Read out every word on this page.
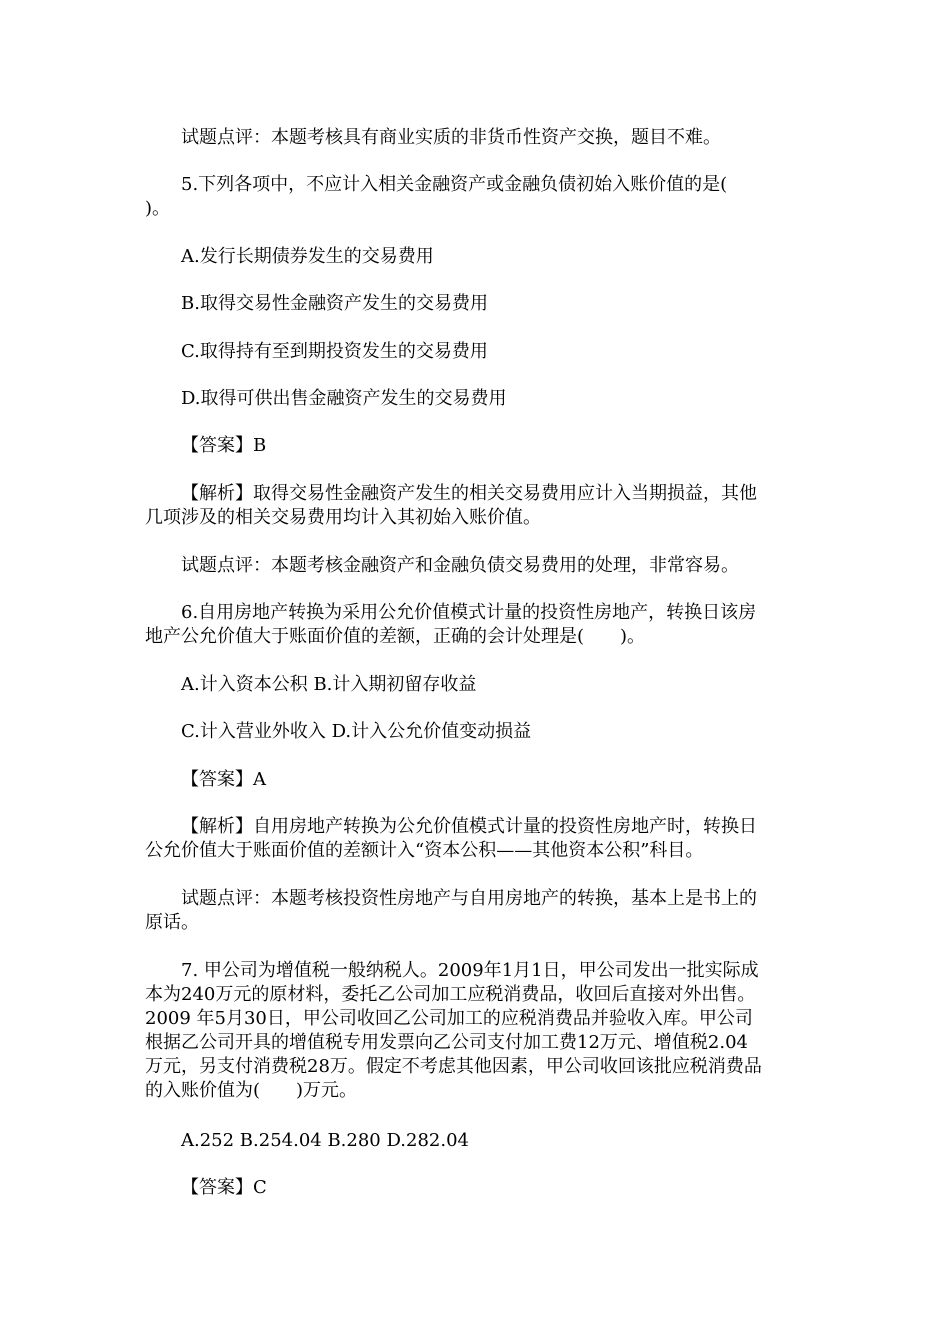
试题点评：本题考核具有商业实质的非货币性资产交换，题目不难。

5.下列各项中，不应计入相关金融资产或金融负债初始入账价值的是(
)。

A.发行长期债券发生的交易费用

B.取得交易性金融资产发生的交易费用

C.取得持有至到期投资发生的交易费用

D.取得可供出售金融资产发生的交易费用

【答案】B

【解析】取得交易性金融资产发生的相关交易费用应计入当期损益，其他
几项涉及的相关交易费用均计入其初始入账价值。

试题点评：本题考核金融资产和金融负债交易费用的处理，非常容易。

6.自用房地产转换为采用公允价值模式计量的投资性房地产，转换日该房
地产公允价值大于账面价值的差额，正确的会计处理是(　　)。

A.计入资本公积 B.计入期初留存收益

C.计入营业外收入 D.计入公允价值变动损益

【答案】A

【解析】自用房地产转换为公允价值模式计量的投资性房地产时，转换日
公允价值大于账面价值的差额计入“资本公积——其他资本公积”科目。

试题点评：本题考核投资性房地产与自用房地产的转换，基本上是书上的
原话。

7. 甲公司为增值税一般纳税人。2009年1月1日，甲公司发出一批实际成
本为240万元的原材料，委托乙公司加工应税消费品，收回后直接对外出售。
2009 年5月30日，甲公司收回乙公司加工的应税消费品并验收入库。甲公司
根据乙公司开具的增值税专用发票向乙公司支付加工费12万元、增值税2.04
万元，另支付消费税28万。假定不考虑其他因素，甲公司收回该批应税消费品
的入账价值为(　　)万元。

A.252 B.254.04 B.280 D.282.04

【答案】C
